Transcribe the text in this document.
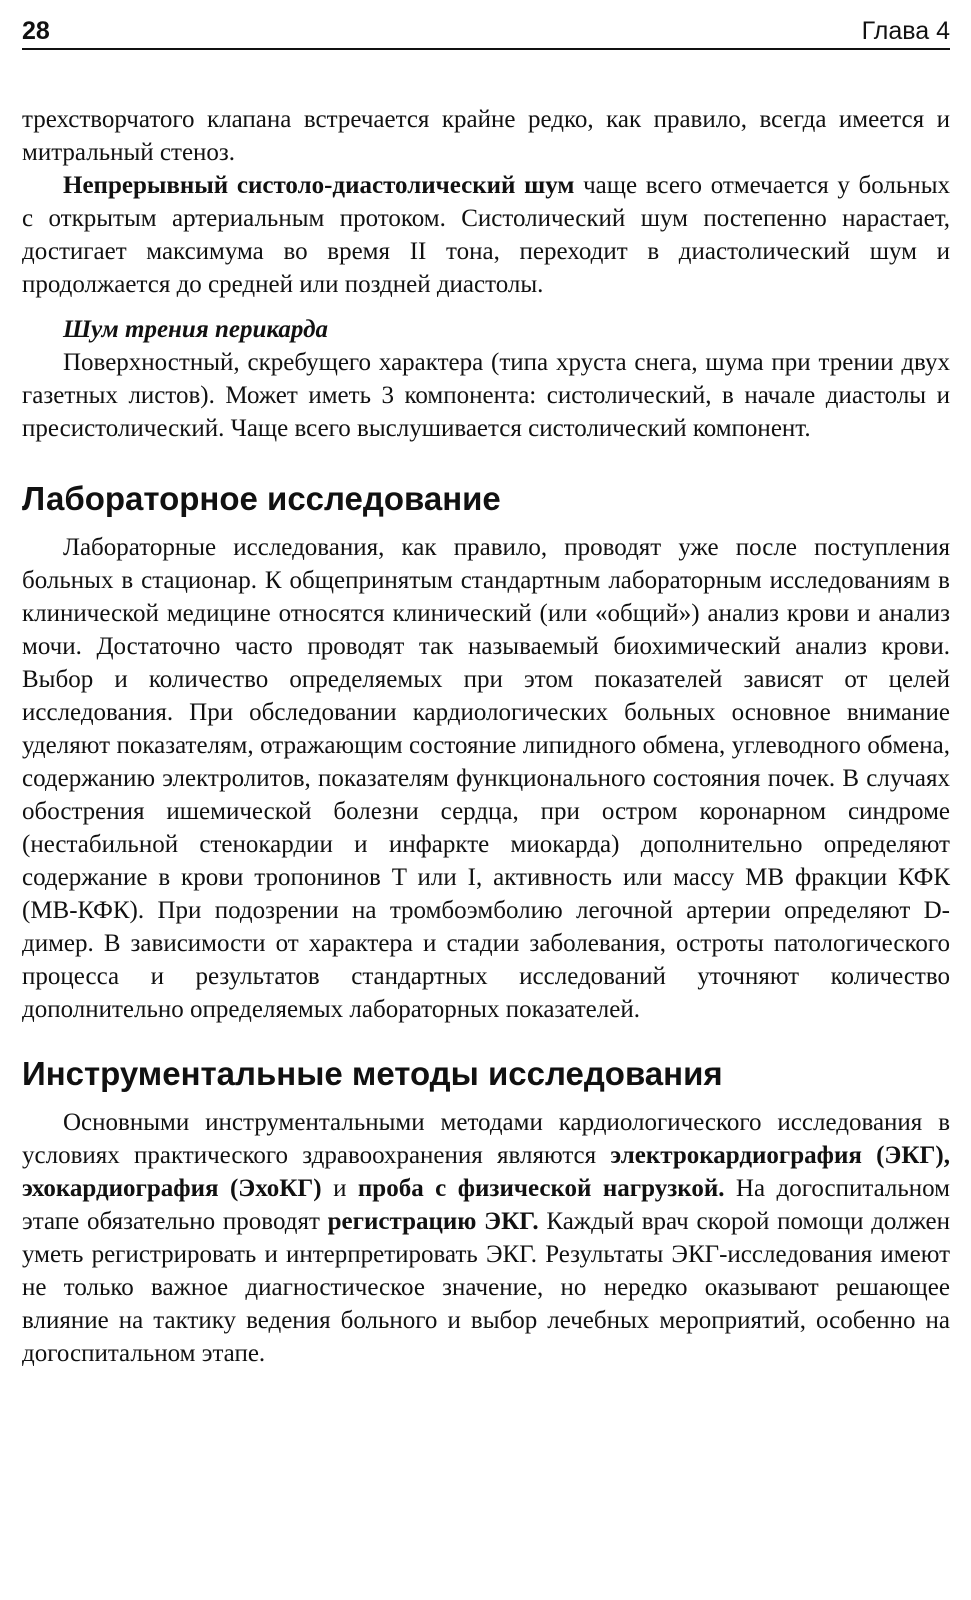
28	Глава 4

трехстворчатого клапана встречается крайне редко, как правило, всегда имеется и митральный стеноз.

Непрерывный систоло-диастолический шум чаще всего отмечается у больных с открытым артериальным протоком. Систолический шум постепенно нарастает, достигает максимума во время II тона, переходит в диастолический шум и продолжается до средней или поздней диастолы.

Шум трения перикарда

Поверхностный, скребущего характера (типа хруста снега, шума при трении двух газетных листов). Может иметь 3 компонента: систолический, в начале диастолы и пресистолический. Чаще всего выслушивается систолический компонент.

Лабораторное исследование

Лабораторные исследования, как правило, проводят уже после поступления больных в стационар. К общепринятым стандартным лабораторным исследованиям в клинической медицине относятся клинический (или «общий») анализ крови и анализ мочи. Достаточно часто проводят так называемый биохимический анализ крови. Выбор и количество определяемых при этом показателей зависят от целей исследования. При обследовании кардиологических больных основное внимание уделяют показателям, отражающим состояние липидного обмена, углеводного обмена, содержанию электролитов, показателям функционального состояния почек. В случаях обострения ишемической болезни сердца, при остром коронарном синдроме (нестабильной стенокардии и инфаркте миокарда) дополнительно определяют содержание в крови тропонинов T или I, активность или массу MB фракции КФК (MB-КФК). При подозрении на тромбоэмболию легочной артерии определяют D-димер. В зависимости от характера и стадии заболевания, остроты патологического процесса и результатов стандартных исследований уточняют количество дополнительно определяемых лабораторных показателей.

Инструментальные методы исследования

Основными инструментальными методами кардиологического исследования в условиях практического здравоохранения являются электрокардиография (ЭКГ), эхокардиография (ЭхоКГ) и проба с физической нагрузкой. На догоспитальном этапе обязательно проводят регистрацию ЭКГ. Каждый врач скорой помощи должен уметь регистрировать и интерпретировать ЭКГ. Результаты ЭКГ-исследования имеют не только важное диагностическое значение, но нередко оказывают решающее влияние на тактику ведения больного и выбор лечебных мероприятий, особенно на догоспитальном этапе.
